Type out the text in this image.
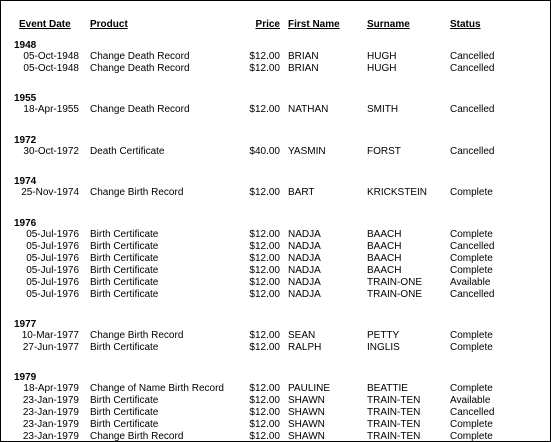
Event Date Product	Price First Name	Surname	Status
1948
05-Oct-1948 Change Death Record	$12.00 BRIAN	HUGH	Cancelled
05-Oct-1948 Change Death Record	$12.00 BRIAN	HUGH	Cancelled
1955
18-Apr-1955 Change Death Record	$12.00 NATHAN	SMITH	Cancelled
1972
30-Oct-1972 Death Certificate	$40.00 YASMIN	FORST	Cancelled
1974
25-Nov-1974 Change Birth Record	$12.00 BART	KRICKSTEIN Complete
1976
05-Jul-1976 Birth Certificate	$12.00 NADJA	BAACH	Complete
05-Jul-1976 Birth Certificate	$12.00 NADJA	BAACH	Cancelled
05-Jul-1976 Birth Certificate	$12.00 NADJA	BAACH	Complete
05-Jul-1976 Birth Certificate	$12.00 NADJA	BAACH	Complete
05-Jul-1976 Birth Certificate	$12.00 NADJA	TRAIN-ONE	Available
05-Jul-1976 Birth Certificate	$12.00 NADJA	TRAIN-ONE	Cancelled
1977
10-Mar-1977 Change Birth Record	$12.00 SEAN	PETTY	Complete
27-Jun-1977 Birth Certificate	$12.00 RALPH	INGLIS	Complete
1979
18-Apr-1979 Change of Name Birth Record	$12.00 PAULINE	BEATTIE	Complete
23-Jan-1979 Birth Certificate	$12.00 SHAWN	TRAIN-TEN	Available
23-Jan-1979 Birth Certificate	$12.00 SHAWN	TRAIN-TEN	Cancelled
23-Jan-1979 Birth Certificate	$12.00 SHAWN	TRAIN-TEN	Complete
23-Jan-1979 Change Birth Record	$12.00 SHAWN	TRAIN-TEN	Complete
